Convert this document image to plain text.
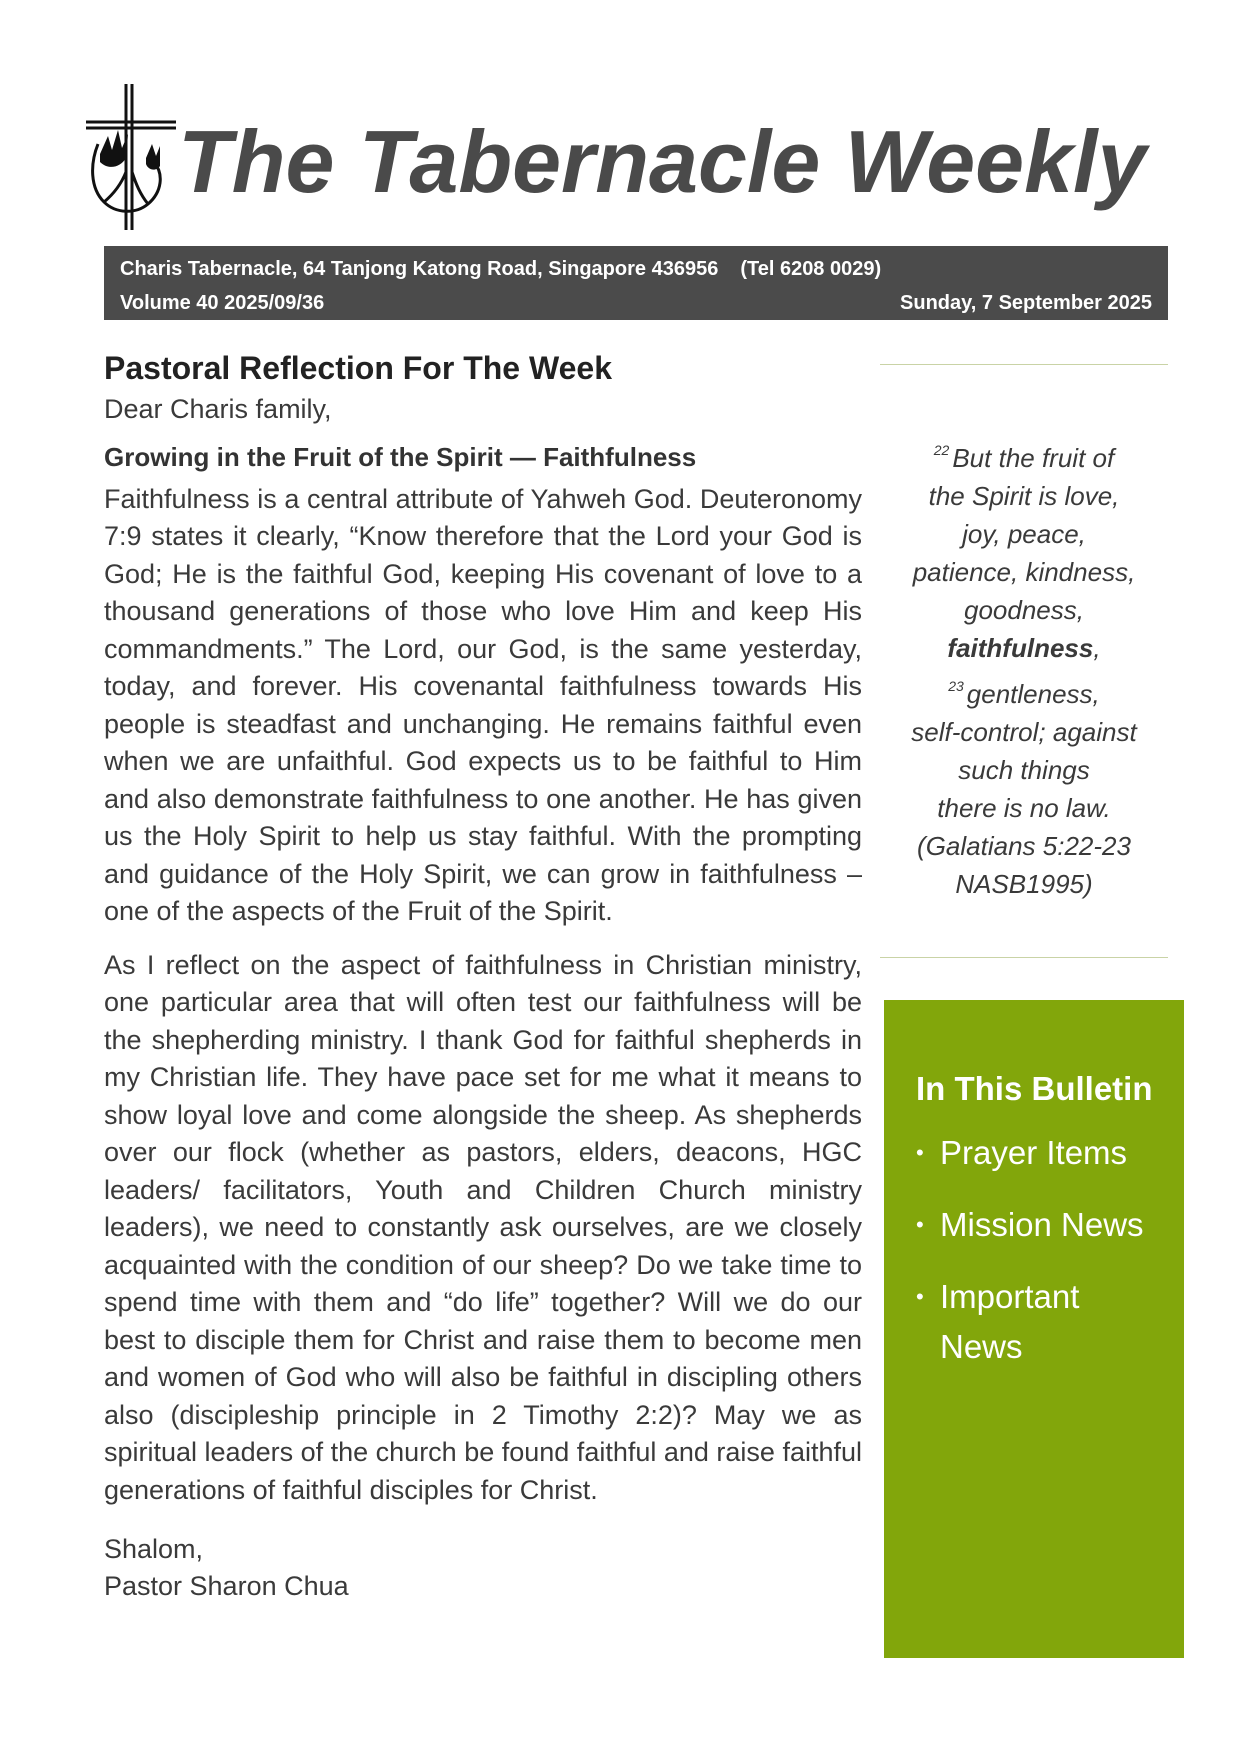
The Tabernacle Weekly
Charis Tabernacle, 64 Tanjong Katong Road, Singapore 436956 (Tel 6208 0029)
Volume 40 2025/09/36	Sunday, 7 September 2025
Pastoral Reflection For The Week
Dear Charis family,
Growing in the Fruit of the Spirit — Faithfulness

Faithfulness is a central attribute of Yahweh God. Deuteronomy 7:9 states it clearly, “Know therefore that the Lord your God is God; He is the faithful God, keeping His covenant of love to a thousand generations of those who love Him and keep His commandments.” The Lord, our God, is the same yesterday, today, and forever. His covenantal faithfulness towards His people is steadfast and unchanging. He remains faithful even when we are unfaithful. God expects us to be faithful to Him and also demonstrate faithfulness to one another. He has given us the Holy Spirit to help us stay faithful. With the prompting and guidance of the Holy Spirit, we can grow in faithfulness – one of the aspects of the Fruit of the Spirit.

As I reflect on the aspect of faithfulness in Christian ministry, one particular area that will often test our faithfulness will be the shepherding ministry. I thank God for faithful shepherds in my Christian life. They have pace set for me what it means to show loyal love and come alongside the sheep. As shepherds over our flock (whether as pastors, elders, deacons, HGC leaders/ facilitators, Youth and Children Church ministry leaders), we need to constantly ask ourselves, are we closely acquainted with the condition of our sheep? Do we take time to spend time with them and “do life” together? Will we do our best to disciple them for Christ and raise them to become men and women of God who will also be faithful in discipling others also (discipleship principle in 2 Timothy 2:2)? May we as spiritual leaders of the church be found faithful and raise faithful generations of faithful disciples for Christ.

Shalom,
Pastor Sharon Chua
$^{22}$ But the fruit of
the Spirit is love,
joy, peace,
patience, kindness,
goodness,
faithfulness,
$^{23}$ gentleness,
self-control; against
such things
there is no law.
(Galatians 5:22-23
NASB1995)
In This Bulletin
• Prayer Items
• Mission News
• Important News
